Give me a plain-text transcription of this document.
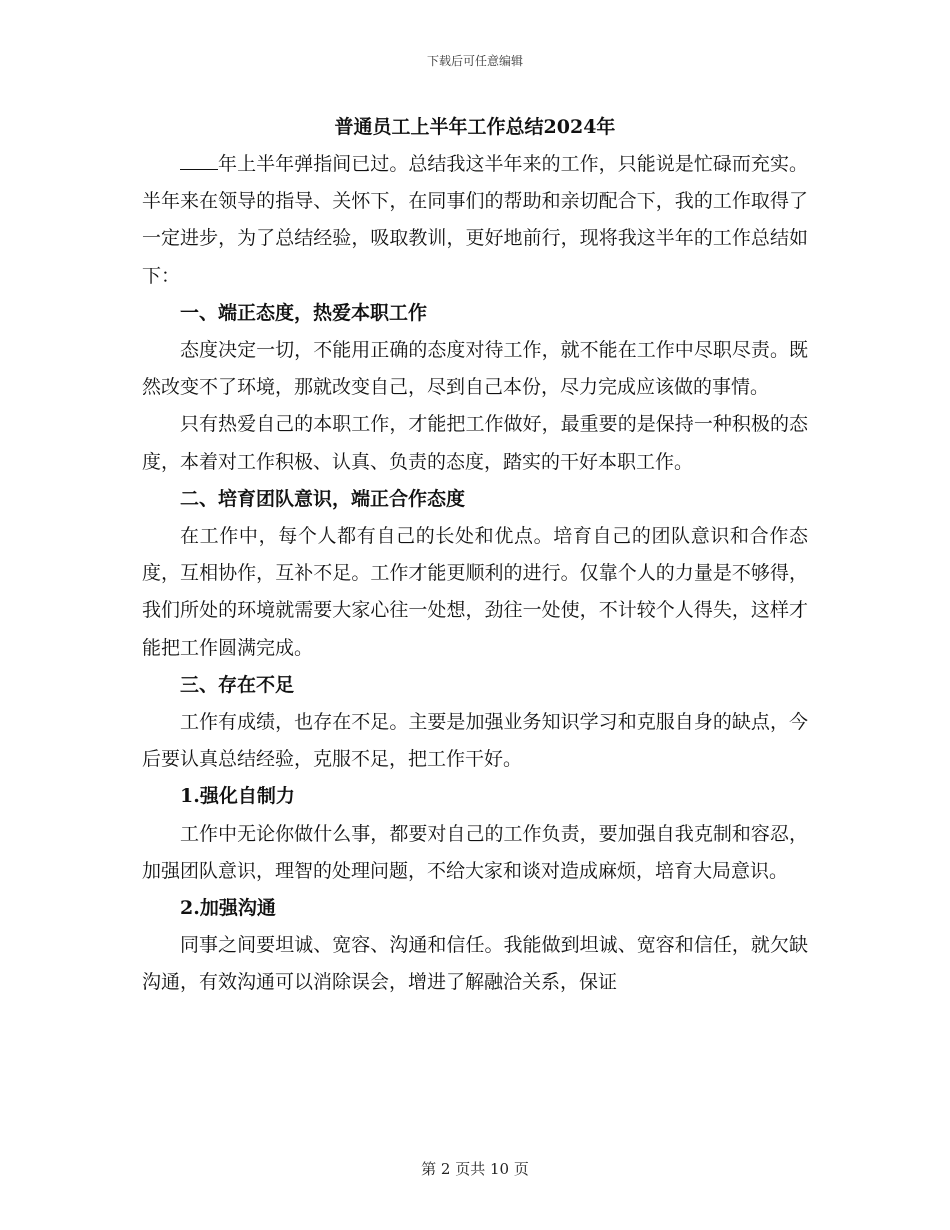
下载后可任意编辑
普通员工上半年工作总结2024年

年上半年弹指间已过。总结我这半年来的工作，只能说是忙碌而充实。半年来在领导的指导、关怀下，在同事们的帮助和亲切配合下，我的工作取得了一定进步，为了总结经验，吸取教训，更好地前行，现将我这半年的工作总结如下：

一、端正态度，热爱本职工作

态度决定一切，不能用正确的态度对待工作，就不能在工作中尽职尽责。既然改变不了环境，那就改变自己，尽到自己本份，尽力完成应该做的事情。

只有热爱自己的本职工作，才能把工作做好，最重要的是保持一种积极的态度，本着对工作积极、认真、负责的态度，踏实的干好本职工作。

二、培育团队意识，端正合作态度

在工作中，每个人都有自己的长处和优点。培育自己的团队意识和合作态度，互相协作，互补不足。工作才能更顺利的进行。仅靠个人的力量是不够得，我们所处的环境就需要大家心往一处想，劲往一处使，不计较个人得失，这样才能把工作圆满完成。

三、存在不足

工作有成绩，也存在不足。主要是加强业务知识学习和克服自身的缺点，今后要认真总结经验，克服不足，把工作干好。

1.强化自制力

工作中无论你做什么事，都要对自己的工作负责，要加强自我克制和容忍，加强团队意识，理智的处理问题，不给大家和谈对造成麻烦，培育大局意识。

2.加强沟通

同事之间要坦诚、宽容、沟通和信任。我能做到坦诚、宽容和信任，就欠缺沟通，有效沟通可以消除误会，增进了解融洽关系，保证

第 2 页共 10 页
